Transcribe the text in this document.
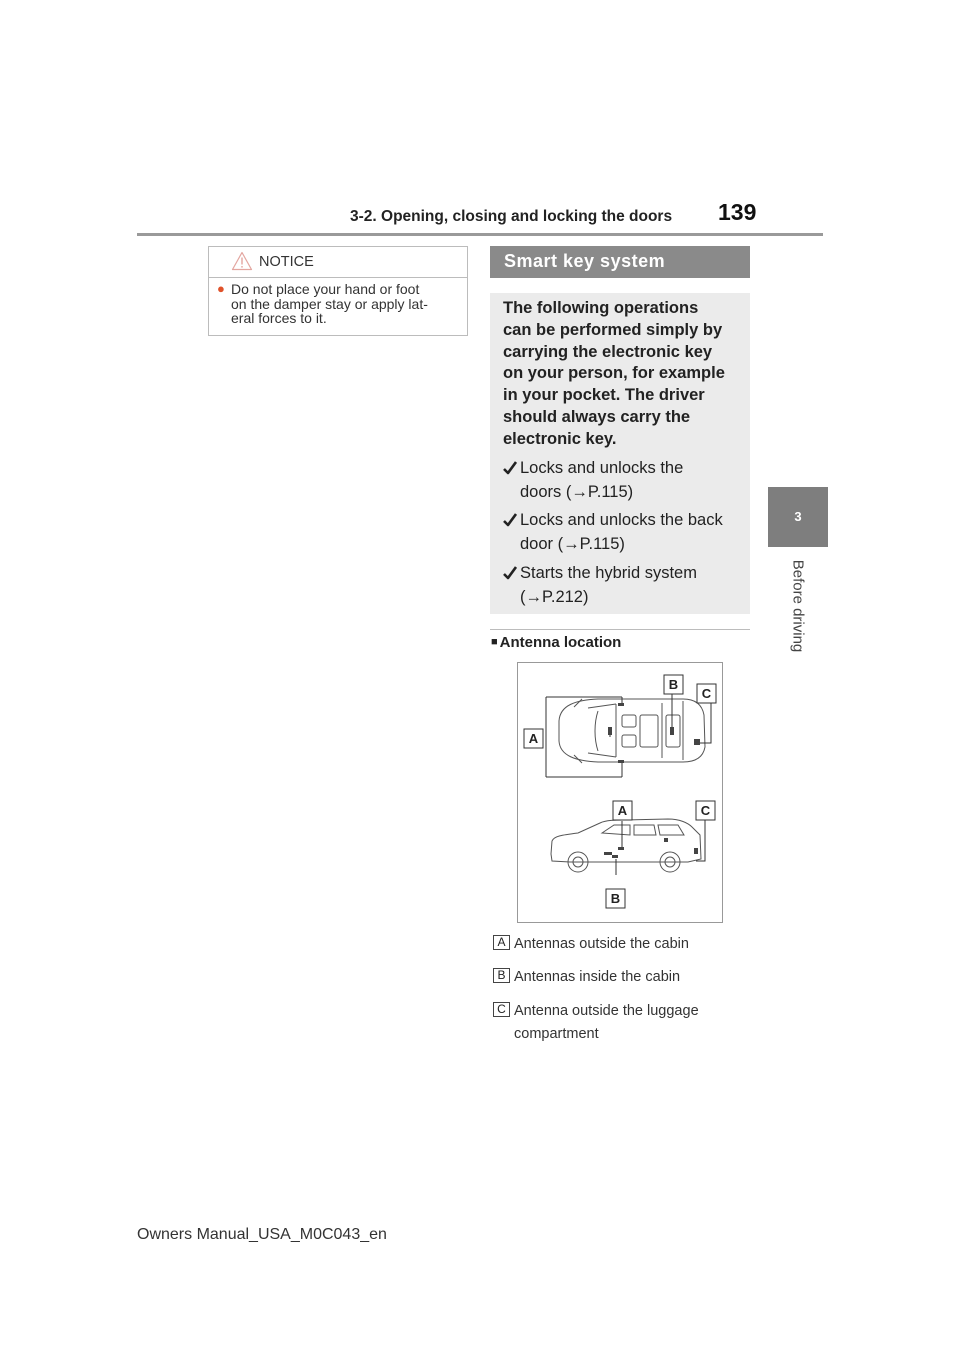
3-2. Opening, closing and locking the doors 139
3
Before driving
NOTICE
● Do not place your hand or foot
on the damper stay or apply lat-
eral forces to it.
Smart key system
The following operations
can be performed simply by
carrying the electronic key
on your person, for example
in your pocket. The driver
should always carry the
electronic key.
Locks and unlocks the
doors (→P.115)
Locks and unlocks the back
door (→P.115)
Starts the hybrid system
(→P.212)
■ Antenna location
A
B
C
A	C
B
A Antennas outside the cabin
B Antennas inside the cabin
C Antenna outside the luggage
compartment
Owners Manual_USA_M0C043_en
